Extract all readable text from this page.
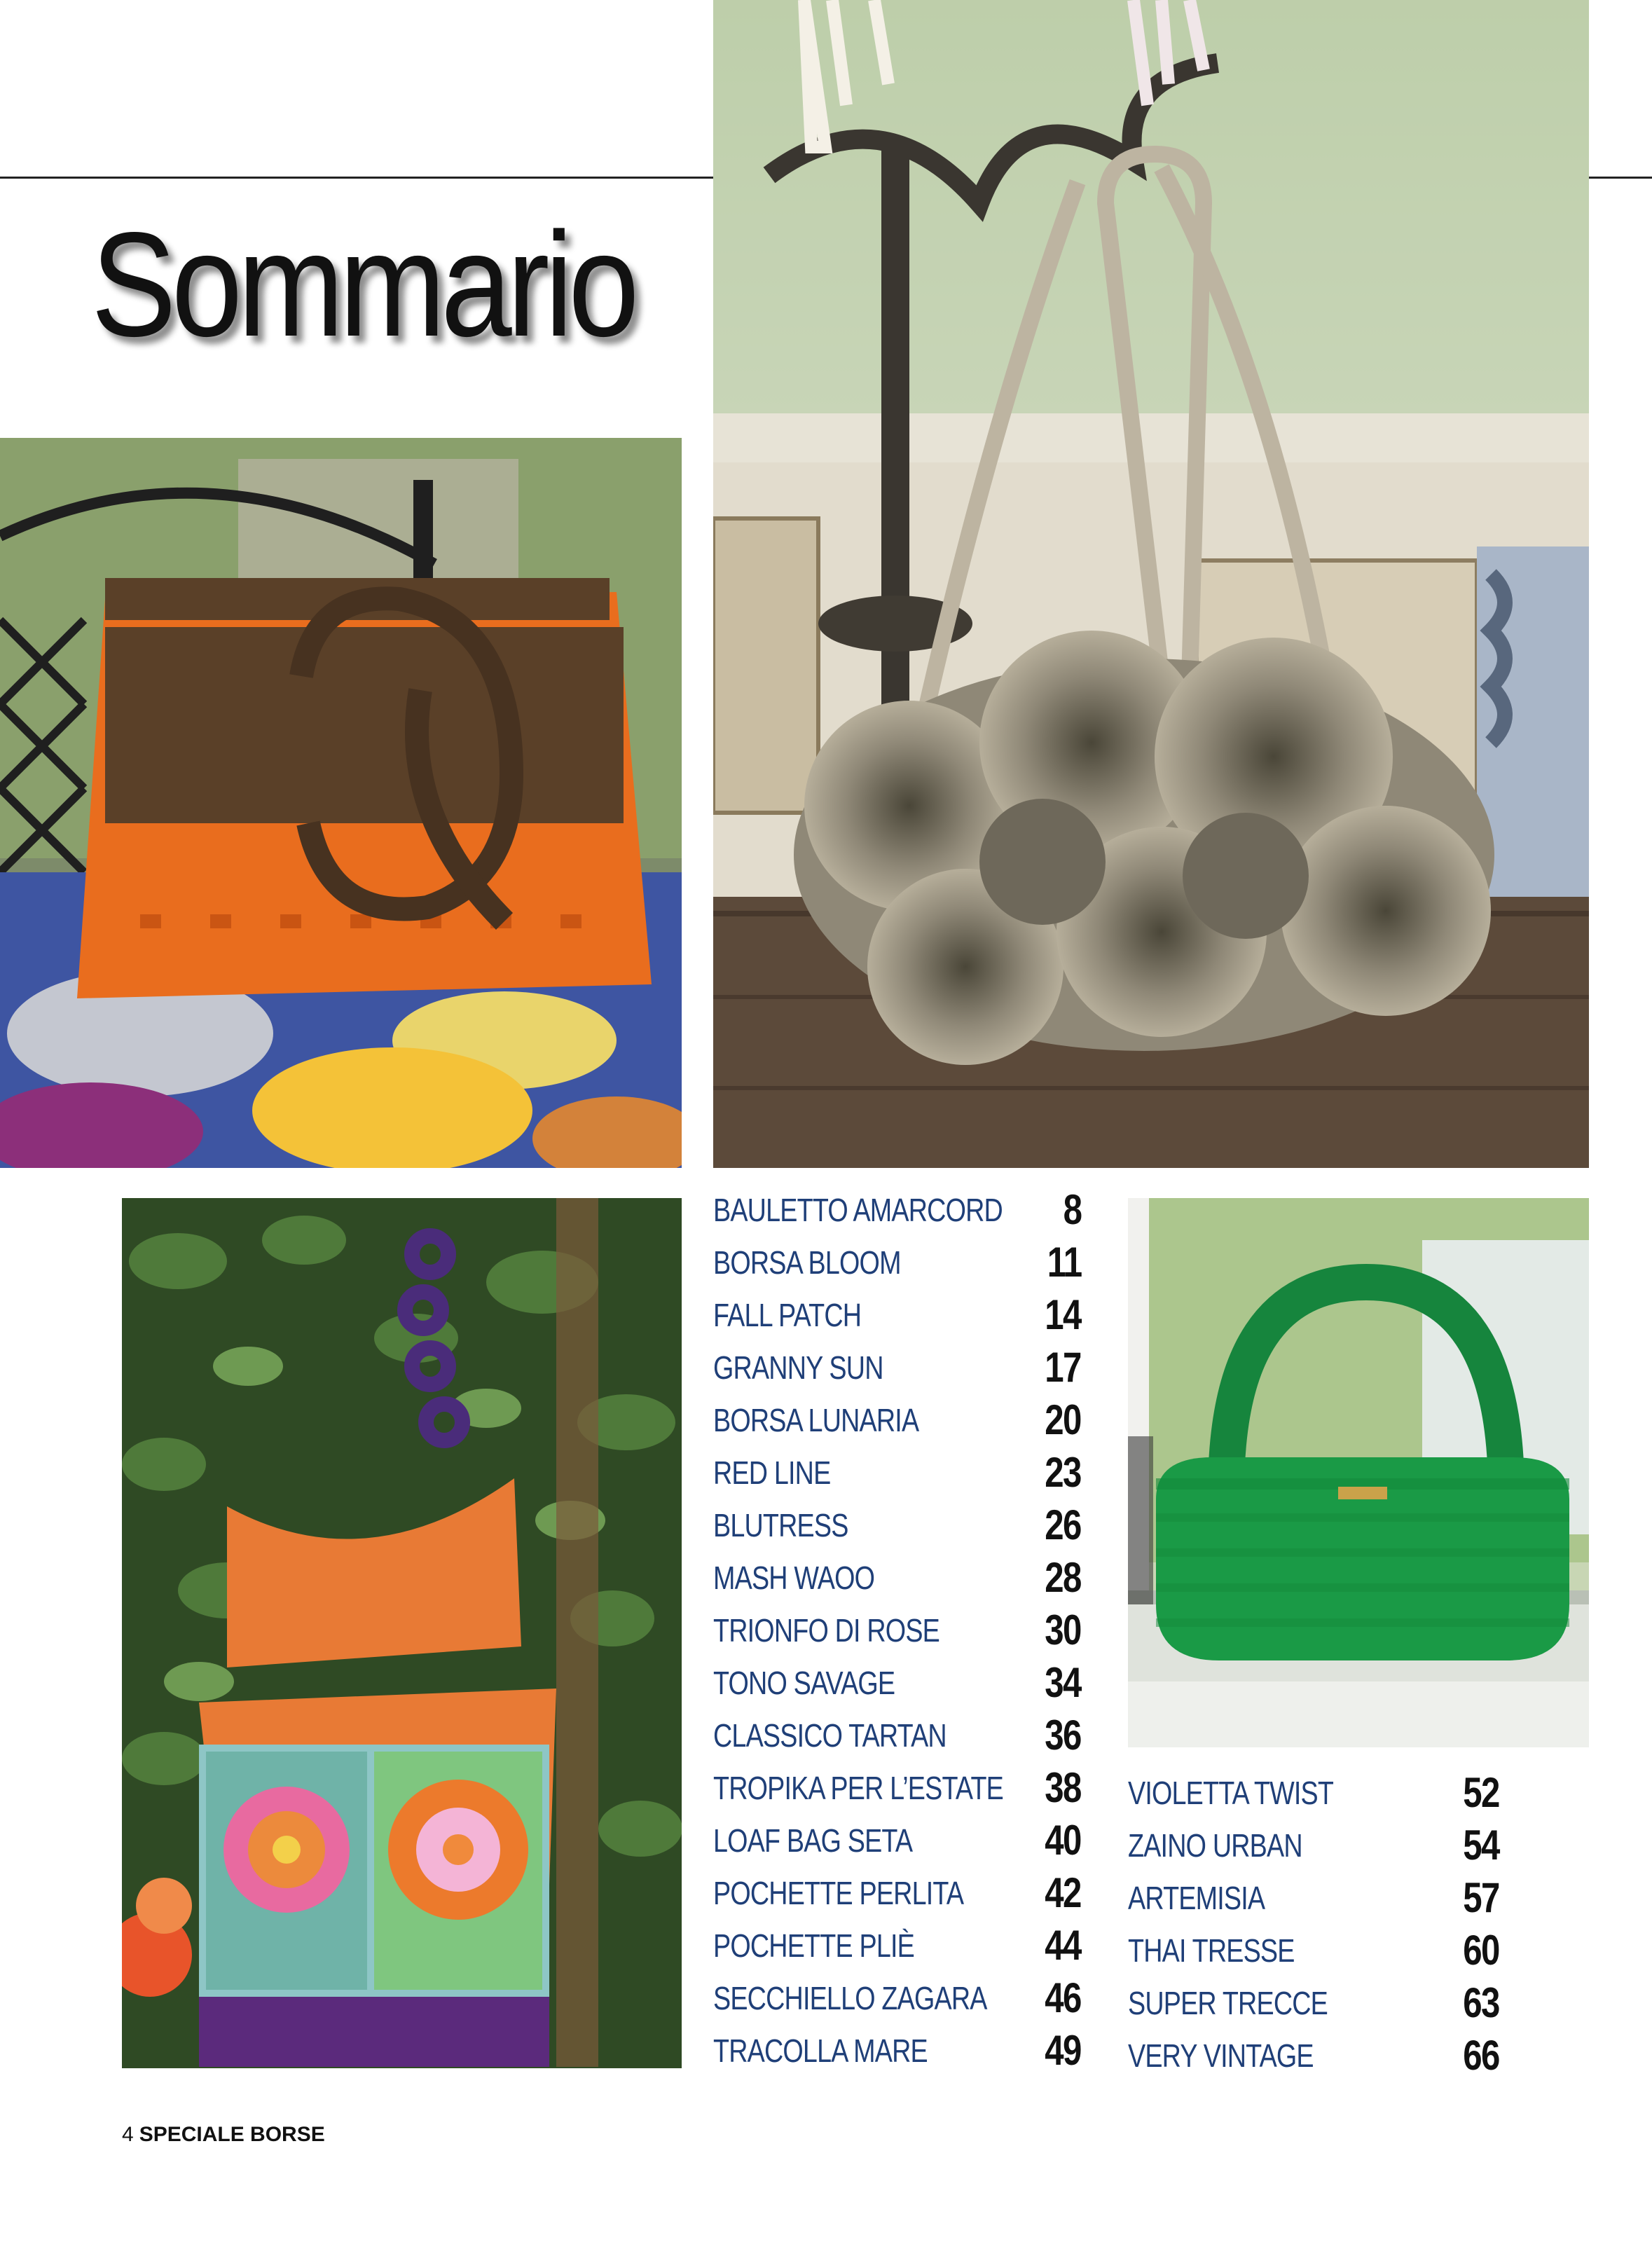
Sommario
BAULETTO AMARCORD 8
BORSA BLOOM	11
FALL PATCH	14
GRANNY SUN	17
BORSA LUNARIA	20
RED LINE	23
BLUTRESS	26
MASH WAOO	28
TRIONFO DI ROSE	30
TONO SAVAGE	34
CLASSICO TARTAN 36
TROPIKA PER L’ESTATE 38
LOAF BAG SETA	40
POCHETTE PERLITA 42
POCHETTE PLIÈ	44
SECCHIELLO ZAGARA 46
TRACOLLA MARE	49
VIOLETTA TWIST	52
ZAINO URBAN	54
ARTEMISIA	57
THAI TRESSE	60
SUPER TRECCE	63
VERY VINTAGE	66
4 SPECIALE BORSE
